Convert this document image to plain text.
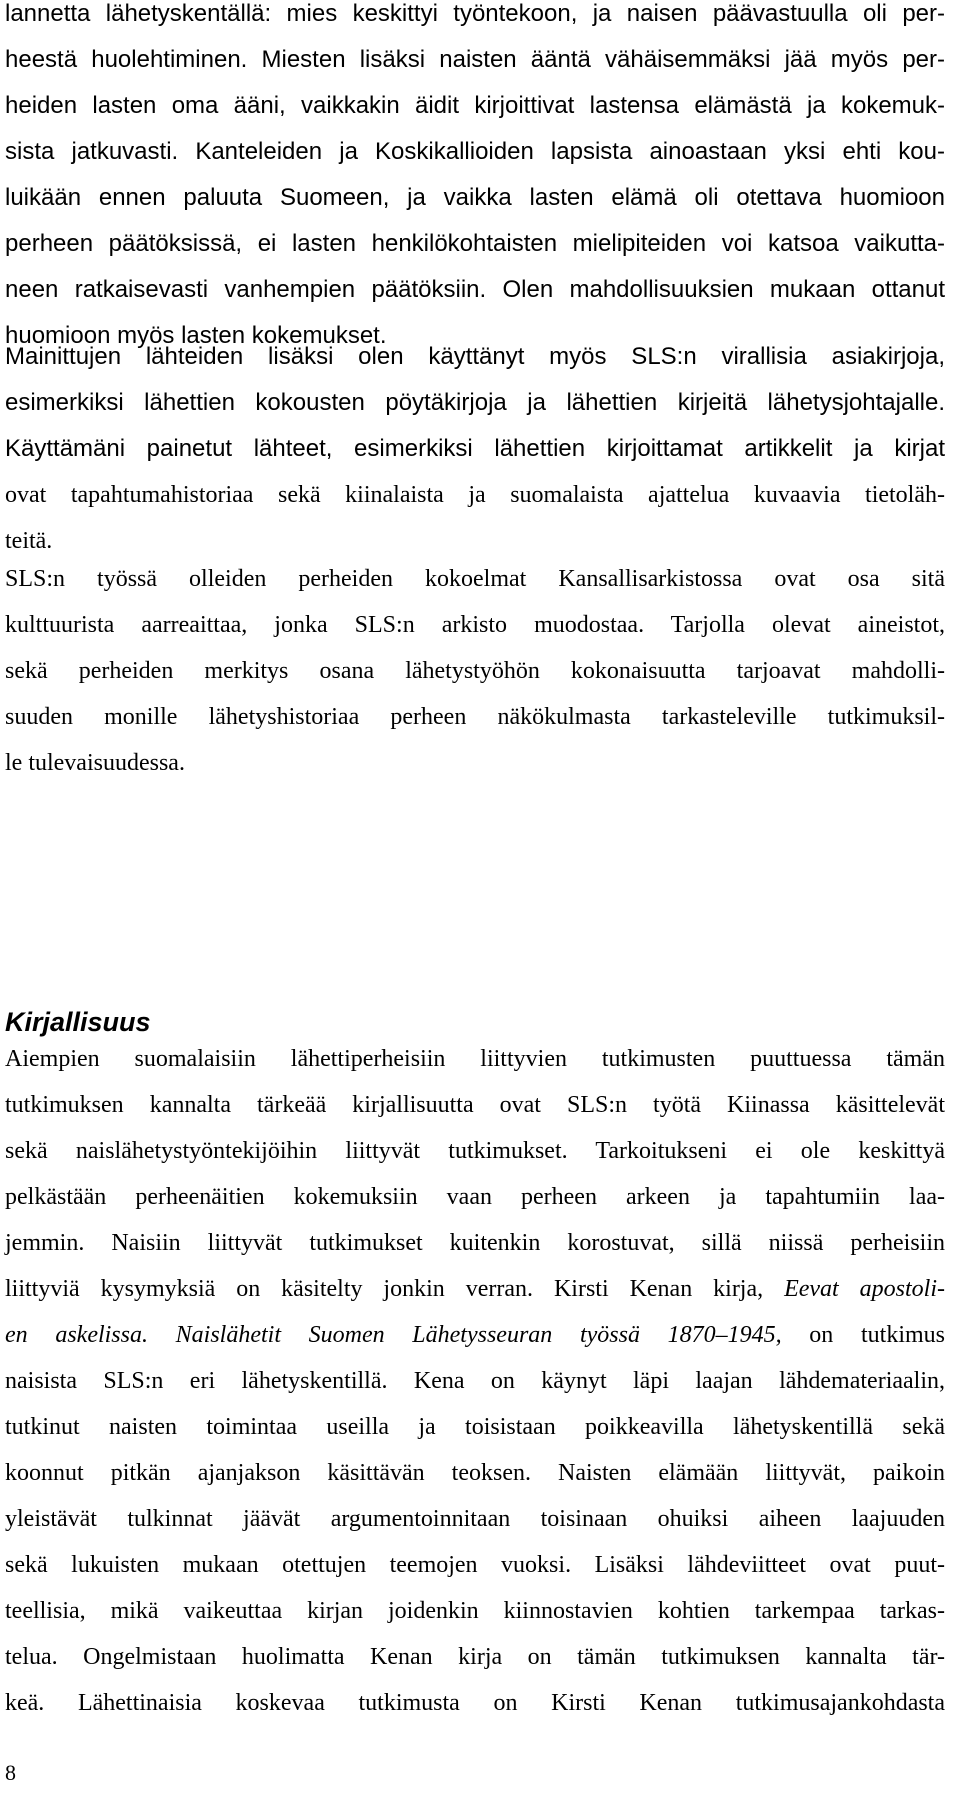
lannetta lähetyskentällä: mies keskittyi työntekoon, ja naisen päävastuulla oli per-
heestä huolehtiminen. Miesten lisäksi naisten ääntä vähäisemmäksi jää myös per-
heiden lasten oma ääni, vaikkakin äidit kirjoittivat lastensa elämästä ja kokemuk-
sista jatkuvasti. Kanteleiden ja Koskikallioiden lapsista ainoastaan yksi ehti kou-
luikään ennen paluuta Suomeen, ja vaikka lasten elämä oli otettava huomioon
perheen päätöksissä, ei lasten henkilökohtaisten mielipiteiden voi katsoa vaikutta-
neen ratkaisevasti vanhempien päätöksiin. Olen mahdollisuuksien mukaan ottanut
huomioon myös lasten kokemukset.
Mainittujen lähteiden lisäksi olen käyttänyt myös SLS:n virallisia asiakirjoja,
esimerkiksi lähettien kokousten pöytäkirjoja ja lähettien kirjeitä lähetysjohtajalle.
Käyttämäni painetut lähteet, esimerkiksi lähettien kirjoittamat artikkelit ja kirjat
ovat tapahtumahistoriaa sekä kiinalaista ja suomalaista ajattelua kuvaavia tietoläh-
teitä.
SLS:n työssä olleiden perheiden kokoelmat Kansallisarkistossa ovat osa sitä
kulttuurista aarreaittaa, jonka SLS:n arkisto muodostaa. Tarjolla olevat aineistot,
sekä perheiden merkitys osana lähetystyöhön kokonaisuutta tarjoavat mahdolli-
suuden monille lähetyshistoriaa perheen näkökulmasta tarkasteleville tutkimuksil-
le tulevaisuudessa.
Kirjallisuus
Aiempien suomalaisiin lähettiperheisiin liittyvien tutkimusten puuttuessa tämän
tutkimuksen kannalta tärkeää kirjallisuutta ovat SLS:n työtä Kiinassa käsittelevät
sekä naislähetystyöntekijöihin liittyvät tutkimukset. Tarkoitukseni ei ole keskittyä
pelkästään perheenäitien kokemuksiin vaan perheen arkeen ja tapahtumiin laa-
jemmin. Naisiin liittyvät tutkimukset kuitenkin korostuvat, sillä niissä perheisiin
liittyviä kysymyksiä on käsitelty jonkin verran. Kirsti Kenan kirja, Eevat apostoli-
en askelissa. Naislähetit Suomen Lähetysseuran työssä 1870–1945, on tutkimus
naisista SLS:n eri lähetyskentillä. Kena on käynyt läpi laajan lähdemateriaalin,
tutkinut naisten toimintaa useilla ja toisistaan poikkeavilla lähetyskentillä sekä
koonnut pitkän ajanjakson käsittävän teoksen. Naisten elämään liittyvät, paikoin
yleistävät tulkinnat jäävät argumentoinnitaan toisinaan ohuiksi aiheen laajuuden
sekä lukuisten mukaan otettujen teemojen vuoksi. Lisäksi lähdeviitteet ovat puut-
teellisia, mikä vaikeuttaa kirjan joidenkin kiinnostavien kohtien tarkempaa tarkas-
telua. Ongelmistaan huolimatta Kenan kirja on tämän tutkimuksen kannalta tär-
keä. Lähettinaisia koskevaa tutkimusta on Kirsti Kenan tutkimusajankohdasta
8
